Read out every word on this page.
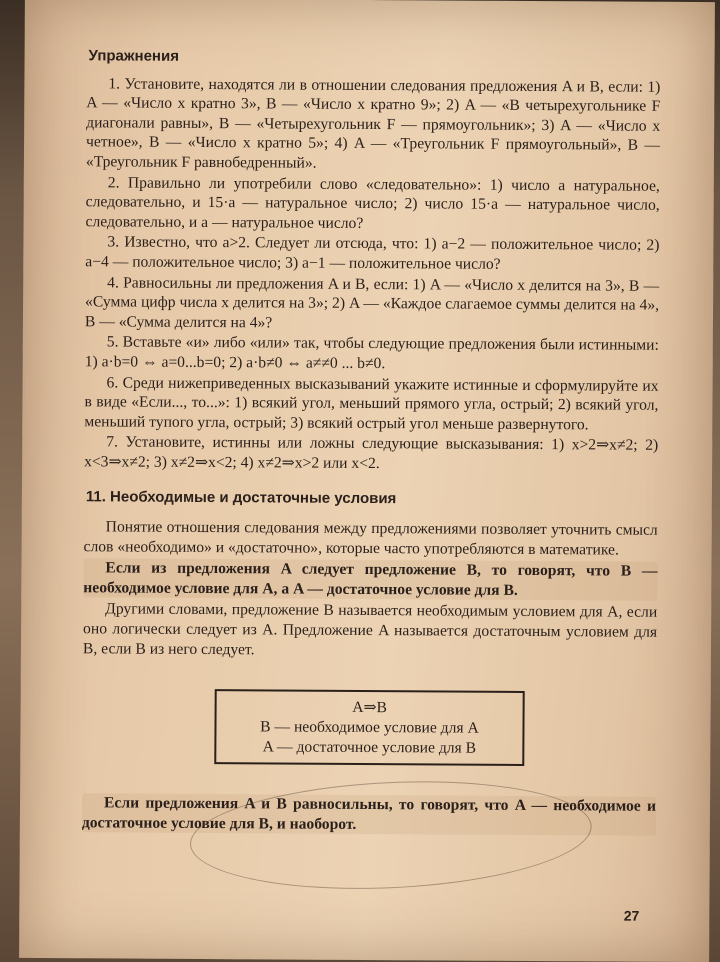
Упражнения

1. Установите, находятся ли в отношении следования предложения A и B, если: 1) A — «Число x кратно 3», B — «Число x кратно 9»; 2) A — «В четырехугольнике F диагонали равны», B — «Четырехугольник F — прямоугольник»; 3) A — «Число x четное», B — «Число x кратно 5»; 4) A — «Треугольник F прямоугольный», B — «Треугольник F равнобедренный».

2. Правильно ли употребили слово «следовательно»: 1) число a натуральное, следовательно, и 15·a — натуральное число; 2) число 15·a — натуральное число, следовательно, и a — натуральное число?

3. Известно, что a>2. Следует ли отсюда, что: 1) a−2 — положительное число; 2) a−4 — положительное число; 3) a−1 — положительное число?

4. Равносильны ли предложения A и B, если: 1) A — «Число x делится на 3», B — «Сумма цифр числа x делится на 3»; 2) A — «Каждое слагаемое суммы делится на 4», B — «Сумма делится на 4»?

5. Вставьте «и» либо «или» так, чтобы следующие предложения были истинными: 1) a·b=0 ⇔ a=0...b=0; 2) a·b≠0 ⇔ a≠≠0 ... b≠0.

6. Среди нижеприведенных высказываний укажите истинные и сформулируйте их в виде «Если..., то...»: 1) всякий угол, меньший прямого угла, острый; 2) всякий угол, меньший тупого угла, острый; 3) всякий острый угол меньше развернутого.

7. Установите, истинны или ложны следующие высказывания: 1) x>2⇒x≠2; 2) x<3⇒x≠2; 3) x≠2⇒x<2; 4) x≠2⇒x>2 или x<2.

11. Необходимые и достаточные условия

Понятие отношения следования между предложениями позволяет уточнить смысл слов «необходимо» и «достаточно», которые часто употребляются в математике.

Если из предложения A следует предложение B, то говорят, что B — необходимое условие для A, а A — достаточное условие для B.

Другими словами, предложение B называется необходимым условием для A, если оно логически следует из A. Предложение A называется достаточным условием для B, если B из него следует.

A⇒B
B — необходимое условие для A
A — достаточное условие для B

Если предложения A и B равносильны, то говорят, что A — необходимое и достаточное условие для B, и наоборот.

27
